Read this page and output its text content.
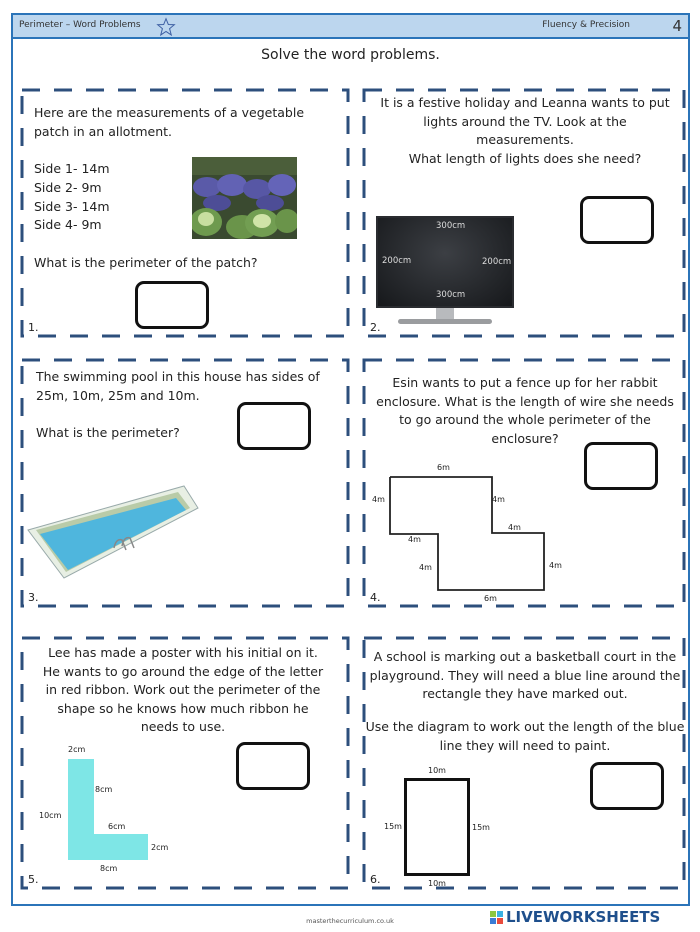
Perimeter – Word Problems	Fluency & Precision	4
Solve the word problems.
Here are the measurements of a vegetable patch in an allotment.
Side 1- 14m
Side 2- 9m
Side 3- 14m
Side 4- 9m
What is the perimeter of the patch?
1.
It is a festive holiday and Leanna wants to put
lights around the TV. Look at the
measurements.
What length of lights does she need?
300cm
200cm	200cm
300cm
2.
The swimming pool in this house has sides of
25m, 10m, 25m and 10m.
What is the perimeter?
3.
Esin wants to put a fence up for her rabbit
enclosure. What is the length of wire she needs
to go around the whole perimeter of the
enclosure?
6m
4m	4m
4m
4m
4m	4m
6m
4.
Lee has made a poster with his initial on it.
He wants to go around the edge of the letter
in red ribbon. Work out the perimeter of the
shape so he knows how much ribbon he
needs to use.
2cm
8cm
10cm
6cm
2cm
8cm
5.
A school is marking out a basketball court in the
playground. They will need a blue line around the
rectangle they have marked out.
Use the diagram to work out the length of the blue
line they will need to paint.
10m
15m	15m
10m
6.
masterthecurriculum.co.uk	LIVEWORKSHEETS
